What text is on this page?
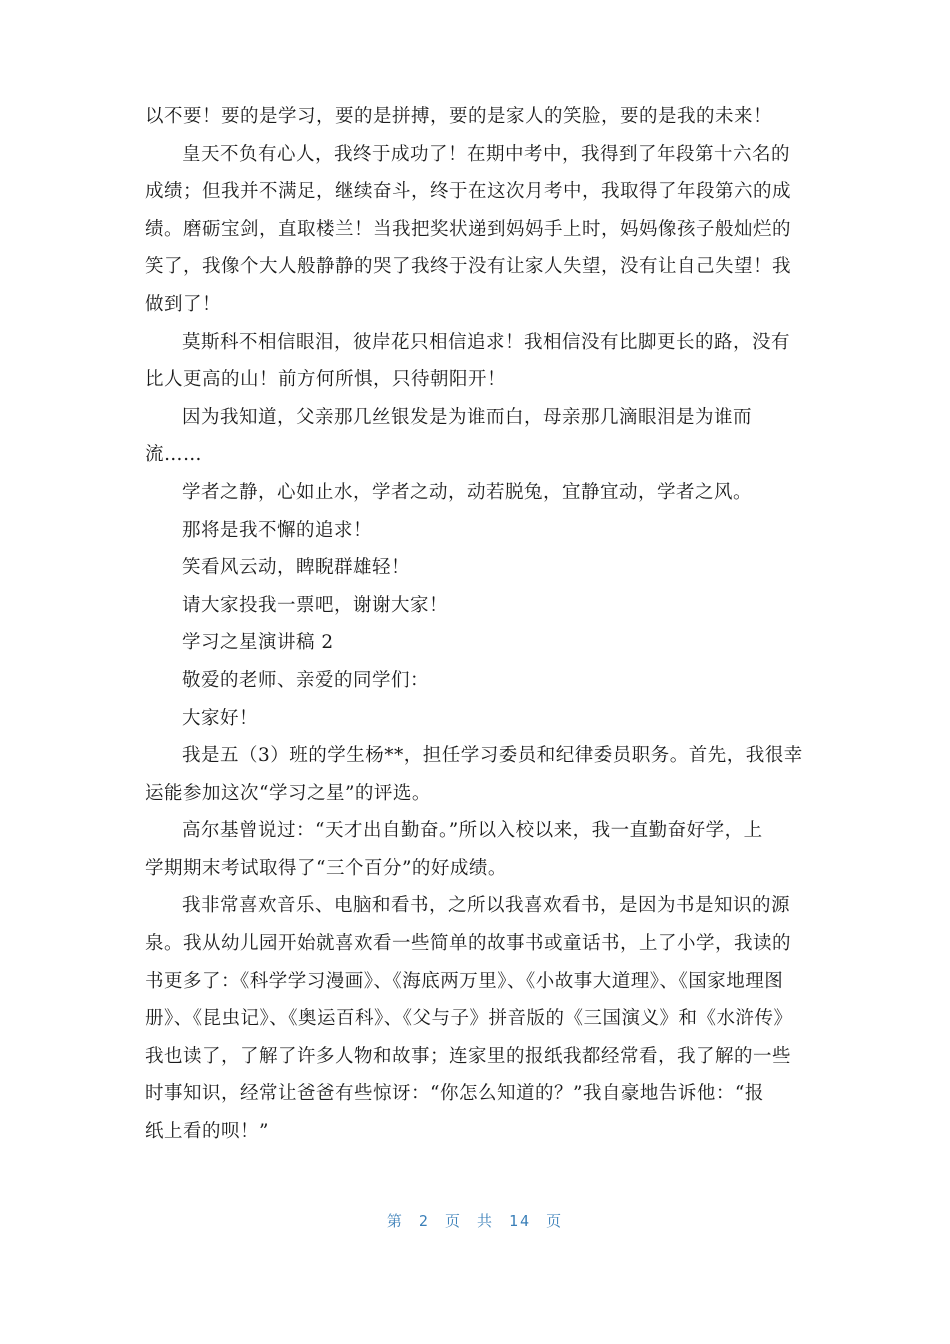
以不要！要的是学习，要的是拼搏，要的是家人的笑脸，要的是我的未来！
皇天不负有心人，我终于成功了！在期中考中，我得到了年段第十六名的
成绩；但我并不满足，继续奋斗，终于在这次月考中，我取得了年段第六的成
绩。磨砺宝剑，直取楼兰！当我把奖状递到妈妈手上时，妈妈像孩子般灿烂的
笑了，我像个大人般静静的哭了我终于没有让家人失望，没有让自己失望！我
做到了！
莫斯科不相信眼泪，彼岸花只相信追求！我相信没有比脚更长的路，没有
比人更高的山！前方何所惧，只待朝阳开！
因为我知道，父亲那几丝银发是为谁而白，母亲那几滴眼泪是为谁而
流……
学者之静，心如止水，学者之动，动若脱兔，宜静宜动，学者之风。
那将是我不懈的追求！
笑看风云动，睥睨群雄轻！
请大家投我一票吧，谢谢大家！
学习之星演讲稿 2
敬爱的老师、亲爱的同学们：
大家好！
我是五（3）班的学生杨**，担任学习委员和纪律委员职务。首先，我很幸
运能参加这次“学习之星”的评选。
高尔基曾说过：“天才出自勤奋。”所以入校以来，我一直勤奋好学，上
学期期末考试取得了“三个百分”的好成绩。
我非常喜欢音乐、电脑和看书，之所以我喜欢看书，是因为书是知识的源
泉。我从幼儿园开始就喜欢看一些简单的故事书或童话书，上了小学，我读的
书更多了：《科学学习漫画》、《海底两万里》、《小故事大道理》、《国家地理图
册》、《昆虫记》、《奥运百科》、《父与子》拼音版的《三国演义》和《水浒传》
我也读了，了解了许多人物和故事；连家里的报纸我都经常看，我了解的一些
时事知识，经常让爸爸有些惊讶：“你怎么知道的？”我自豪地告诉他：“报
纸上看的呗！”
第 2 页 共 14 页
